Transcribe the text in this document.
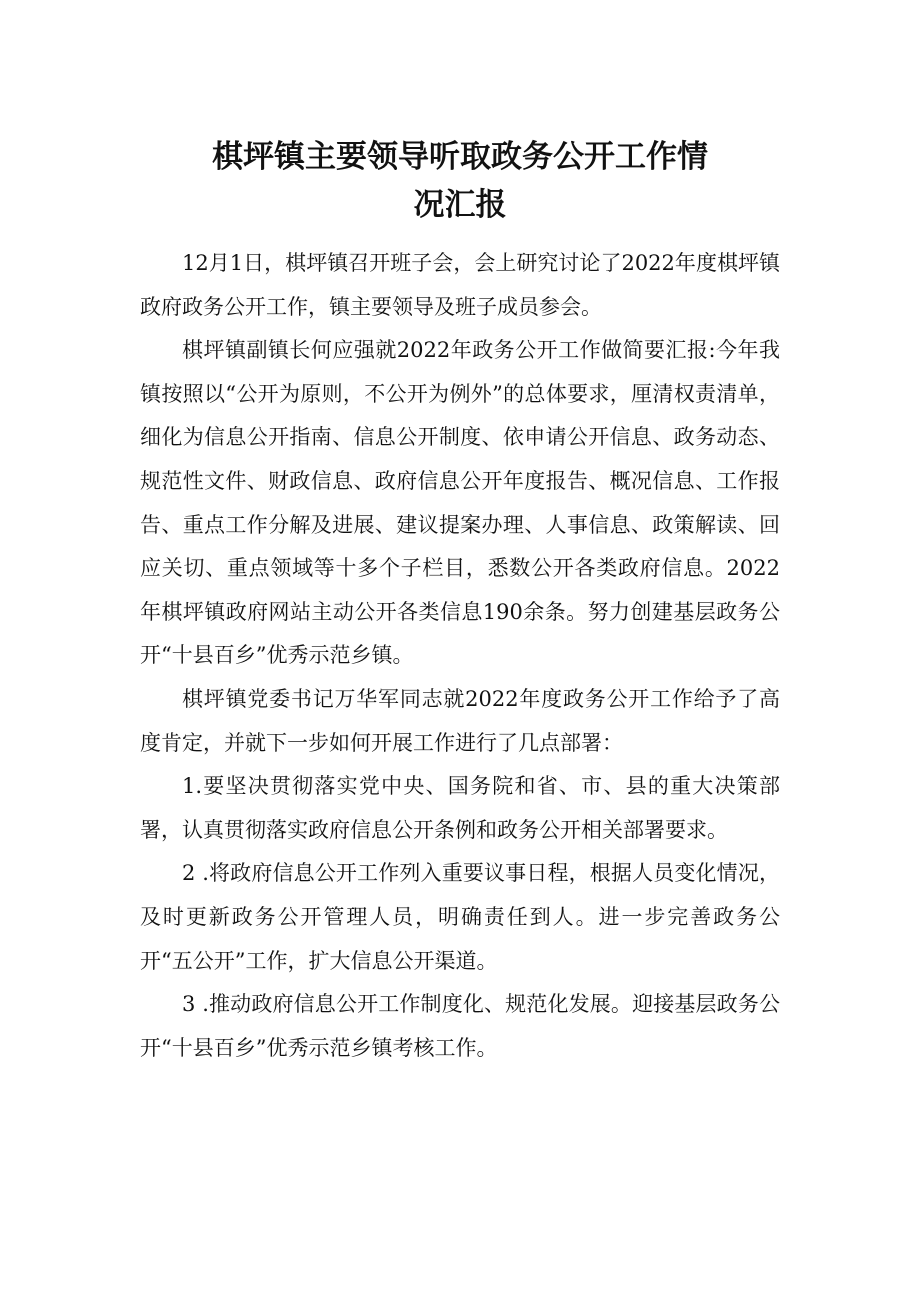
棋坪镇主要领导听取政务公开工作情
况汇报

12月1日，棋坪镇召开班子会，会上研究讨论了2022年度棋坪镇政府政务公开工作，镇主要领导及班子成员参会。

棋坪镇副镇长何应强就2022年政务公开工作做简要汇报:今年我镇按照以“公开为原则，不公开为例外”的总体要求，厘清权责清单，细化为信息公开指南、信息公开制度、依申请公开信息、政务动态、规范性文件、财政信息、政府信息公开年度报告、概况信息、工作报告、重点工作分解及进展、建议提案办理、人事信息、政策解读、回应关切、重点领域等十多个子栏目，悉数公开各类政府信息。2022年棋坪镇政府网站主动公开各类信息190余条。努力创建基层政务公开“十县百乡”优秀示范乡镇。

棋坪镇党委书记万华军同志就2022年度政务公开工作给予了高度肯定，并就下一步如何开展工作进行了几点部署：

1.要坚决贯彻落实党中央、国务院和省、市、县的重大决策部署，认真贯彻落实政府信息公开条例和政务公开相关部署要求。

2 .将政府信息公开工作列入重要议事日程，根据人员变化情况，及时更新政务公开管理人员，明确责任到人。进一步完善政务公开“五公开”工作，扩大信息公开渠道。

3 .推动政府信息公开工作制度化、规范化发展。迎接基层政务公开“十县百乡”优秀示范乡镇考核工作。
